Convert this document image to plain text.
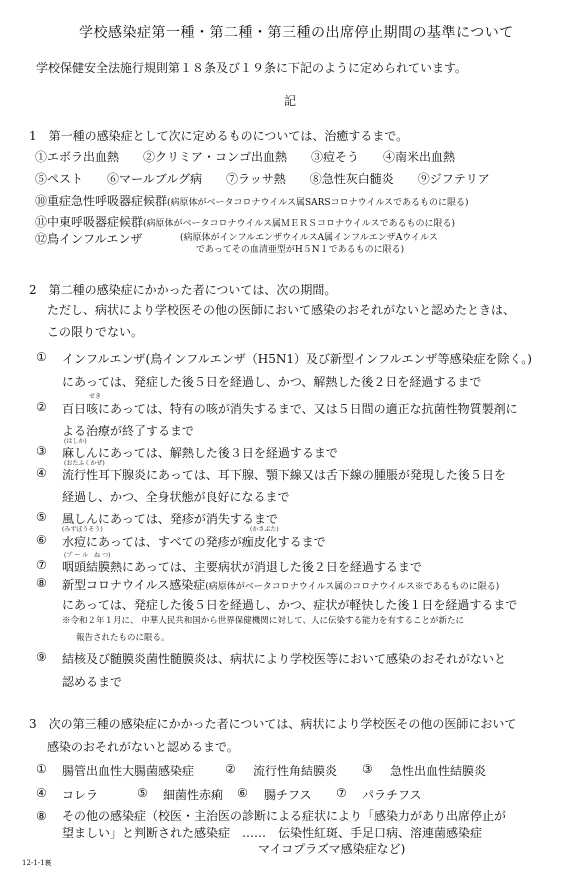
学校感染症第一種・第二種・第三種の出席停止期間の基準について
学校保健安全法施行規則第１８条及び１９条に下記のように定められています。
記
1　第一種の感染症として次に定めるものについては、治癒するまで。
①エボラ出血熱　　②クリミア・コンゴ出血熱　　③痘そう　　④南米出血熱
⑤ペスト　　⑥マールブルグ病　　⑦ラッサ熱　　⑧急性灰白髄炎　　⑨ジフテリア
⑩重症急性呼吸器症候群(病原体がベータコロナウイルス属SARSコロナウイルスであるものに限る)
⑪中東呼吸器症候群(病原体がベータコロナウイルス属ＭＥＲＳコロナウイルスであるものに限る)
⑫鳥インフルエンザ	(病原体がインフルエンザウイルスA属インフルエンザAウイルス
であってその血清亜型がH５N１であるものに限る)
2　第二種の感染症にかかった者については、次の期間。
ただし、病状により学校医その他の医師において感染のおそれがないと認めたときは、
この限りでない。
① インフルエンザ(鳥インフルエンザ（H5N1）及び新型インフルエンザ等感染症を除く。)
にあっては、発症した後５日を経過し、かつ、解熱した後２日を経過するまで
②
せき
百日咳にあっては、特有の咳が消失するまで、又は５日間の適正な抗菌性物質製剤に
よる治療が終了するまで
③
(はしか)
麻しんにあっては、解熱した後３日を経過するまで
④
(おたふくかぜ)
流行性耳下腺炎にあっては、耳下腺、顎下線又は舌下線の腫脹が発現した後５日を
経過し、かつ、全身状態が良好になるまで
⑤ 風しんにあっては、発疹が消失するまで
⑥
(みずぼうそう)	(かさぶた)
水痘にあっては、すべての発疹が痂皮化するまで
⑦
(プ ー ル　ね つ)
咽頭結膜熱にあっては、主要病状が消退した後２日を経過するまで
⑧ 新型コロナウイルス感染症(病原体がベータコロナウイルス属のコロナウイルス※であるものに限る)
にあっては、発症した後５日を経過し、かつ、症状が軽快した後１日を経過するまで
※令和２年１月に、 中華人民共和国から世界保健機関に対して、人に伝染する能力を有することが新たに
報告されたものに限る。
⑨ 結核及び髄膜炎菌性髄膜炎は、病状により学校医等において感染のおそれがないと
認めるまで
3　次の第三種の感染症にかかった者については、病状により学校医その他の医師において
感染のおそれがないと認めるまで。
① 腸管出血性大腸菌感染症	② 流行性角結膜炎 ③ 急性出血性結膜炎
④ コレラ	⑤ 細菌性赤痢 ⑥ 腸チフス ⑦ パラチフス
⑧ その他の感染症（校医・主治医の診断による症状により「感染力があり出席停止が
望ましい」と判断された感染症　‥‥‥　伝染性紅斑、手足口病、溶連菌感染症
マイコプラズマ感染症など)
12-1-1裏
